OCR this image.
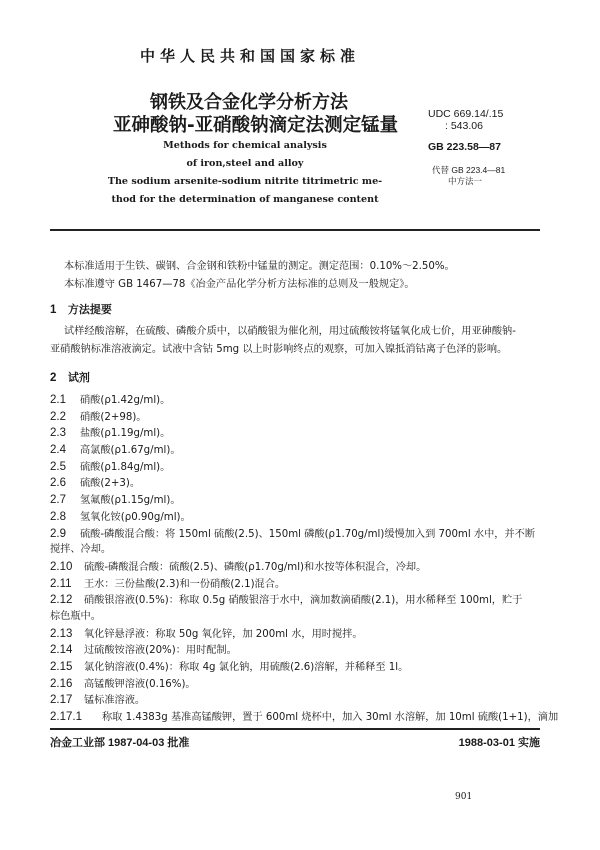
中华人民共和国国家标准
钢铁及合金化学分析方法
亚砷酸钠-亚硝酸钠滴定法测定锰量
Methods for chemical analysis
of iron,steel and alloy
The sodium arsenite-sodium nitrite titrimetric me-
thod for the determination of manganese content
UDC 669.14/.15
: 543.06
GB 223.58—87
代替 GB 223.4—81
中方法一
本标准适用于生铁、碳钢、合金钢和铁粉中锰量的测定。测定范围：0.10%～2.50%。
本标准遵守 GB 1467—78《冶金产品化学分析方法标准的总则及一般规定》。
1 方法提要
试样经酸溶解，在硫酸、磷酸介质中，以硝酸银为催化剂，用过硫酸铵将锰氧化成七价，用亚砷酸钠-
亚硝酸钠标准溶液滴定。试液中含钴 5mg 以上时影响终点的观察，可加入镍抵消钴离子色泽的影响。
2 试剂
2.1 硝酸(ρ1.42g/ml)。
2.2 硝酸(2+98)。
2.3 盐酸(ρ1.19g/ml)。
2.4 高氯酸(ρ1.67g/ml)。
2.5 硫酸(ρ1.84g/ml)。
2.6 硫酸(2+3)。
2.7 氢氟酸(ρ1.15g/ml)。
2.8 氢氧化铵(ρ0.90g/ml)。
2.9 硫酸-磷酸混合酸：将 150ml 硫酸(2.5)、150ml 磷酸(ρ1.70g/ml)缓慢加入到 700ml 水中，并不断
搅拌、冷却。
2.10 硫酸-磷酸混合酸：硫酸(2.5)、磷酸(ρ1.70g/ml)和水按等体积混合，冷却。
2.11 王水：三份盐酸(2.3)和一份硝酸(2.1)混合。
2.12 硝酸银溶液(0.5%)：称取 0.5g 硝酸银溶于水中，滴加数滴硝酸(2.1)，用水稀释至 100ml，贮于
棕色瓶中。
2.13 氧化锌悬浮液：称取 50g 氧化锌，加 200ml 水，用时搅拌。
2.14 过硫酸铵溶液(20%)：用时配制。
2.15 氯化钠溶液(0.4%)：称取 4g 氯化钠，用硫酸(2.6)溶解，并稀释至 1l。
2.16 高锰酸钾溶液(0.16%)。
2.17 锰标准溶液。
2.17.1 称取 1.4383g 基准高锰酸钾，置于 600ml 烧杯中，加入 30ml 水溶解，加 10ml 硫酸(1+1)，滴加
冶金工业部 1987-04-03 批准	1988-03-01 实施
901
